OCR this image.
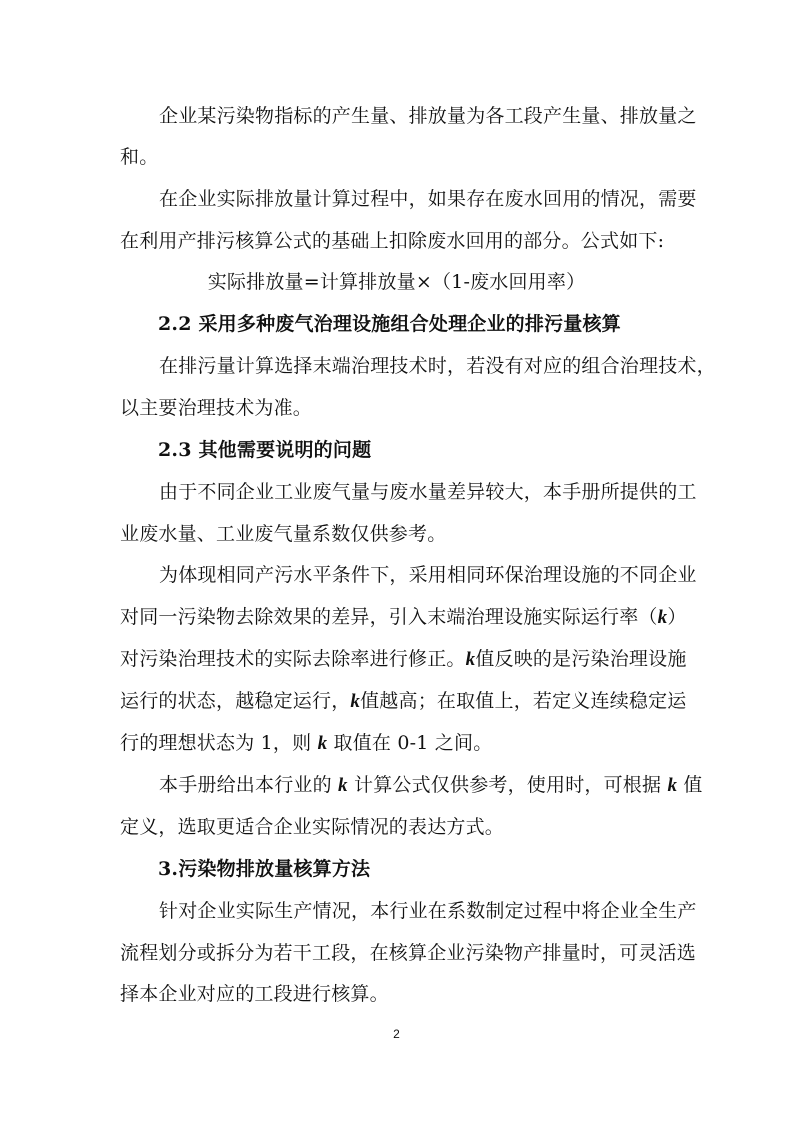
企业某污染物指标的产生量、排放量为各工段产生量、排放量之
和。
在企业实际排放量计算过程中，如果存在废水回用的情况，需要
在利用产排污核算公式的基础上扣除废水回用的部分。公式如下:
实际排放量=计算排放量×（1-废水回用率）
2.2 采用多种废气治理设施组合处理企业的排污量核算
在排污量计算选择末端治理技术时，若没有对应的组合治理技术，
以主要治理技术为准。
2.3 其他需要说明的问题
由于不同企业工业废气量与废水量差异较大，本手册所提供的工
业废水量、工业废气量系数仅供参考。
为体现相同产污水平条件下，采用相同环保治理设施的不同企业
对同一污染物去除效果的差异，引入末端治理设施实际运行率（k）
对污染治理技术的实际去除率进行修正。k值反映的是污染治理设施
运行的状态，越稳定运行，k值越高；在取值上，若定义连续稳定运
行的理想状态为 1，则 k 取值在 0-1 之间。
本手册给出本行业的 k 计算公式仅供参考，使用时，可根据 k 值
定义，选取更适合企业实际情况的表达方式。
3.污染物排放量核算方法
针对企业实际生产情况，本行业在系数制定过程中将企业全生产
流程划分或拆分为若干工段，在核算企业污染物产排量时，可灵活选
择本企业对应的工段进行核算。
2
